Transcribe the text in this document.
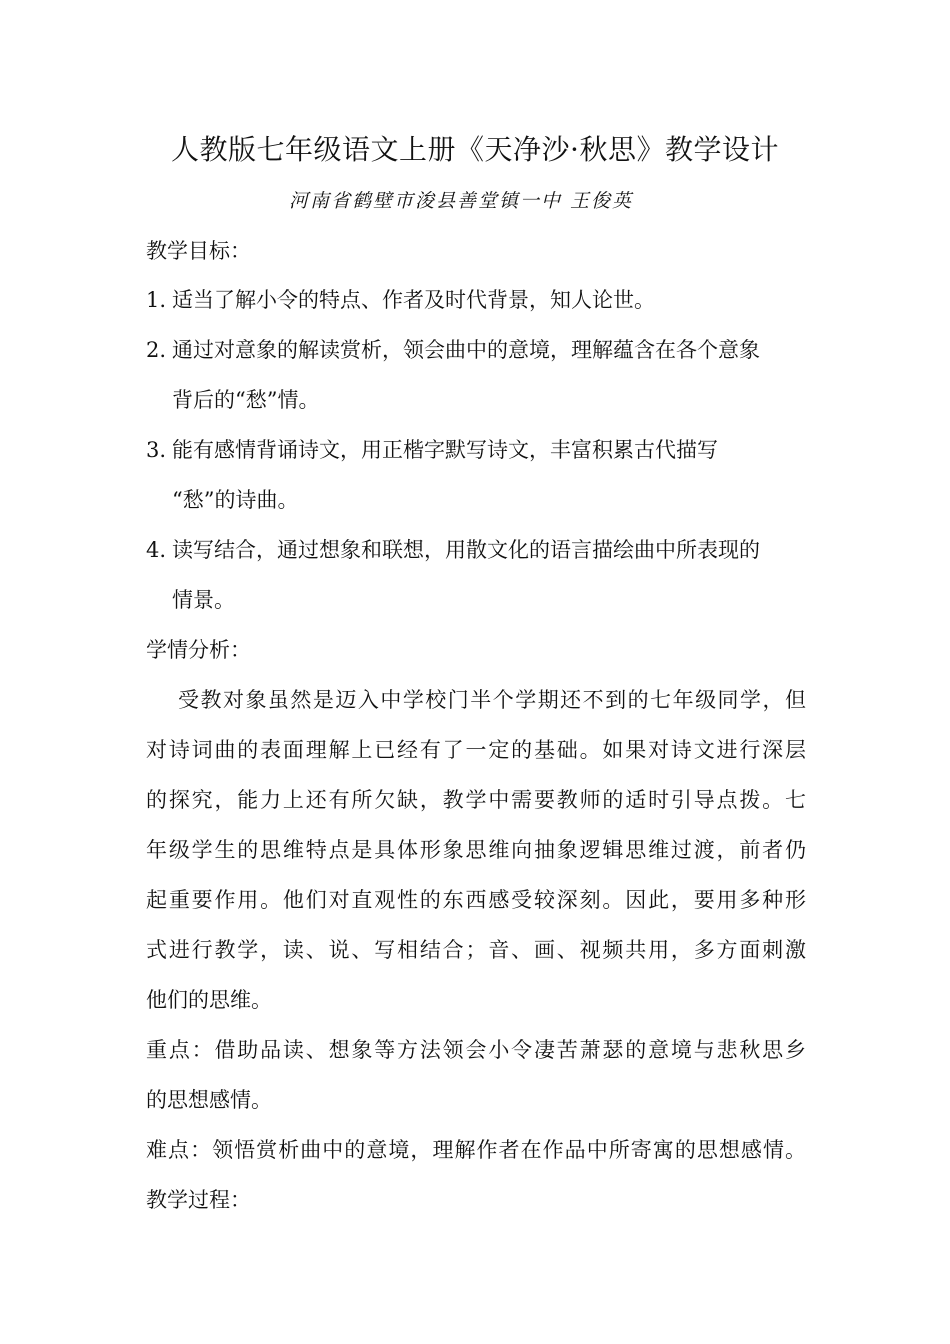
人教版七年级语文上册《天净沙·秋思》教学设计
河南省鹤壁市浚县善堂镇一中 王俊英
教学目标：
1. 适当了解小令的特点、作者及时代背景，知人论世。
2. 通过对意象的解读赏析，领会曲中的意境，理解蕴含在各个意象
背后的“愁”情。
3. 能有感情背诵诗文，用正楷字默写诗文，丰富积累古代描写
“愁”的诗曲。
4. 读写结合，通过想象和联想，用散文化的语言描绘曲中所表现的
情景。
学情分析：
受教对象虽然是迈入中学校门半个学期还不到的七年级同学，但
对诗词曲的表面理解上已经有了一定的基础。如果对诗文进行深层
的探究，能力上还有所欠缺，教学中需要教师的适时引导点拨。七
年级学生的思维特点是具体形象思维向抽象逻辑思维过渡，前者仍
起重要作用。他们对直观性的东西感受较深刻。因此，要用多种形
式进行教学，读、说、写相结合；音、画、视频共用，多方面刺激
他们的思维。
重点：借助品读、想象等方法领会小令凄苦萧瑟的意境与悲秋思乡
的思想感情。
难点：领悟赏析曲中的意境，理解作者在作品中所寄寓的思想感情。
教学过程：
